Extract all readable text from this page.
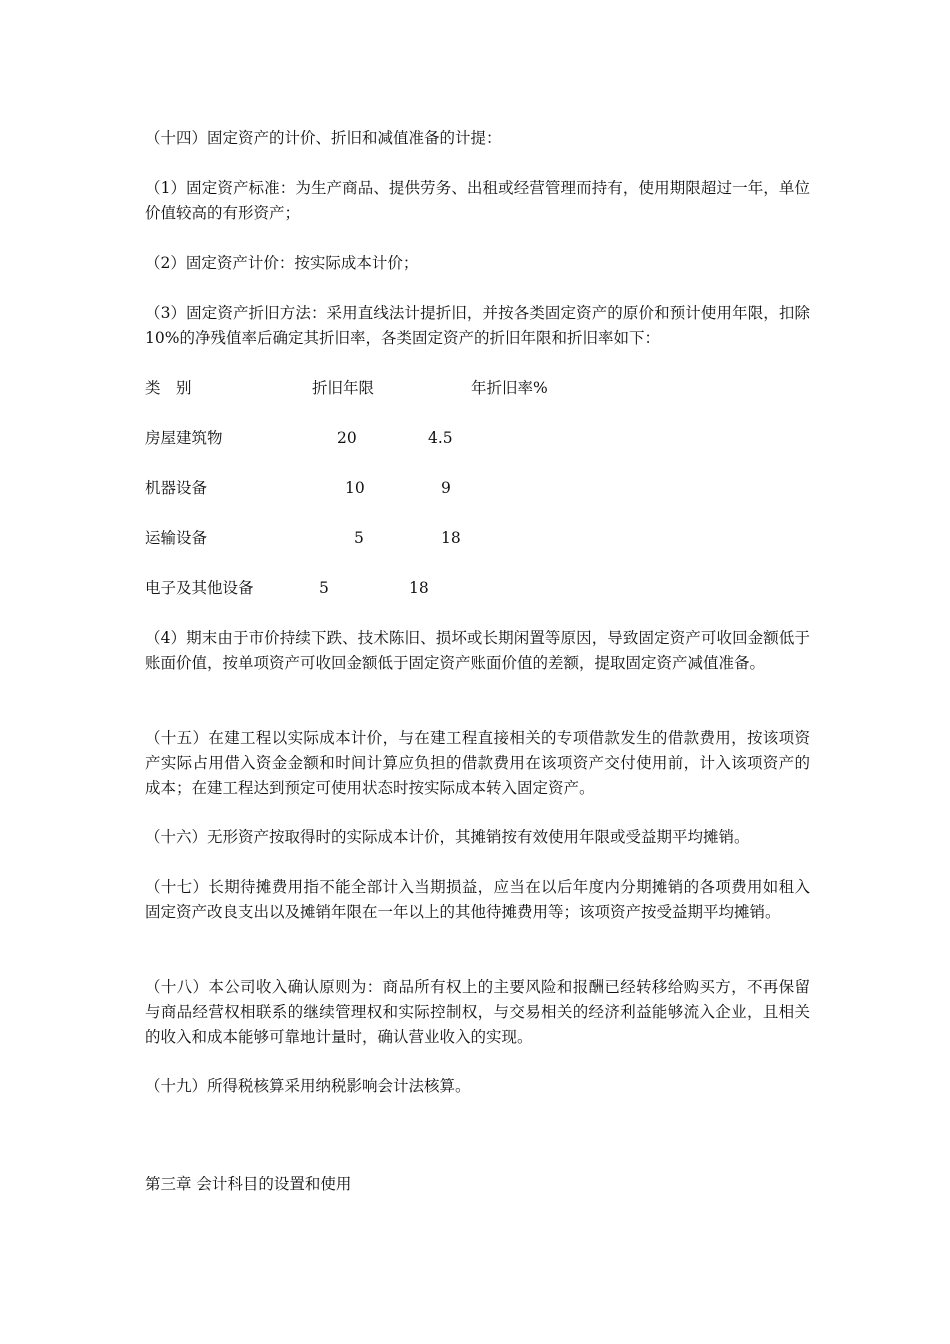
（十四）固定资产的计价、折旧和减值准备的计提：

（1）固定资产标准：为生产商品、提供劳务、出租或经营管理而持有，使用期限超过一年，单位价值较高的有形资产；

（2）固定资产计价：按实际成本计价；

（3）固定资产折旧方法：采用直线法计提折旧，并按各类固定资产的原价和预计使用年限，扣除10%的净残值率后确定其折旧率，各类固定资产的折旧年限和折旧率如下：

类　别	折旧年限	年折旧率%
房屋建筑物	20	4.5
机器设备	10	9
运输设备	5	18
电子及其他设备	5	18

（4）期末由于市价持续下跌、技术陈旧、损坏或长期闲置等原因，导致固定资产可收回金额低于账面价值，按单项资产可收回金额低于固定资产账面价值的差额，提取固定资产减值准备。

（十五）在建工程以实际成本计价，与在建工程直接相关的专项借款发生的借款费用，按该项资产实际占用借入资金金额和时间计算应负担的借款费用在该项资产交付使用前，计入该项资产的成本；在建工程达到预定可使用状态时按实际成本转入固定资产。

（十六）无形资产按取得时的实际成本计价，其摊销按有效使用年限或受益期平均摊销。

（十七）长期待摊费用指不能全部计入当期损益，应当在以后年度内分期摊销的各项费用如租入固定资产改良支出以及摊销年限在一年以上的其他待摊费用等；该项资产按受益期平均摊销。

（十八）本公司收入确认原则为：商品所有权上的主要风险和报酬已经转移给购买方，不再保留与商品经营权相联系的继续管理权和实际控制权，与交易相关的经济利益能够流入企业，且相关的收入和成本能够可靠地计量时，确认营业收入的实现。

（十九）所得税核算采用纳税影响会计法核算。

第三章 会计科目的设置和使用
